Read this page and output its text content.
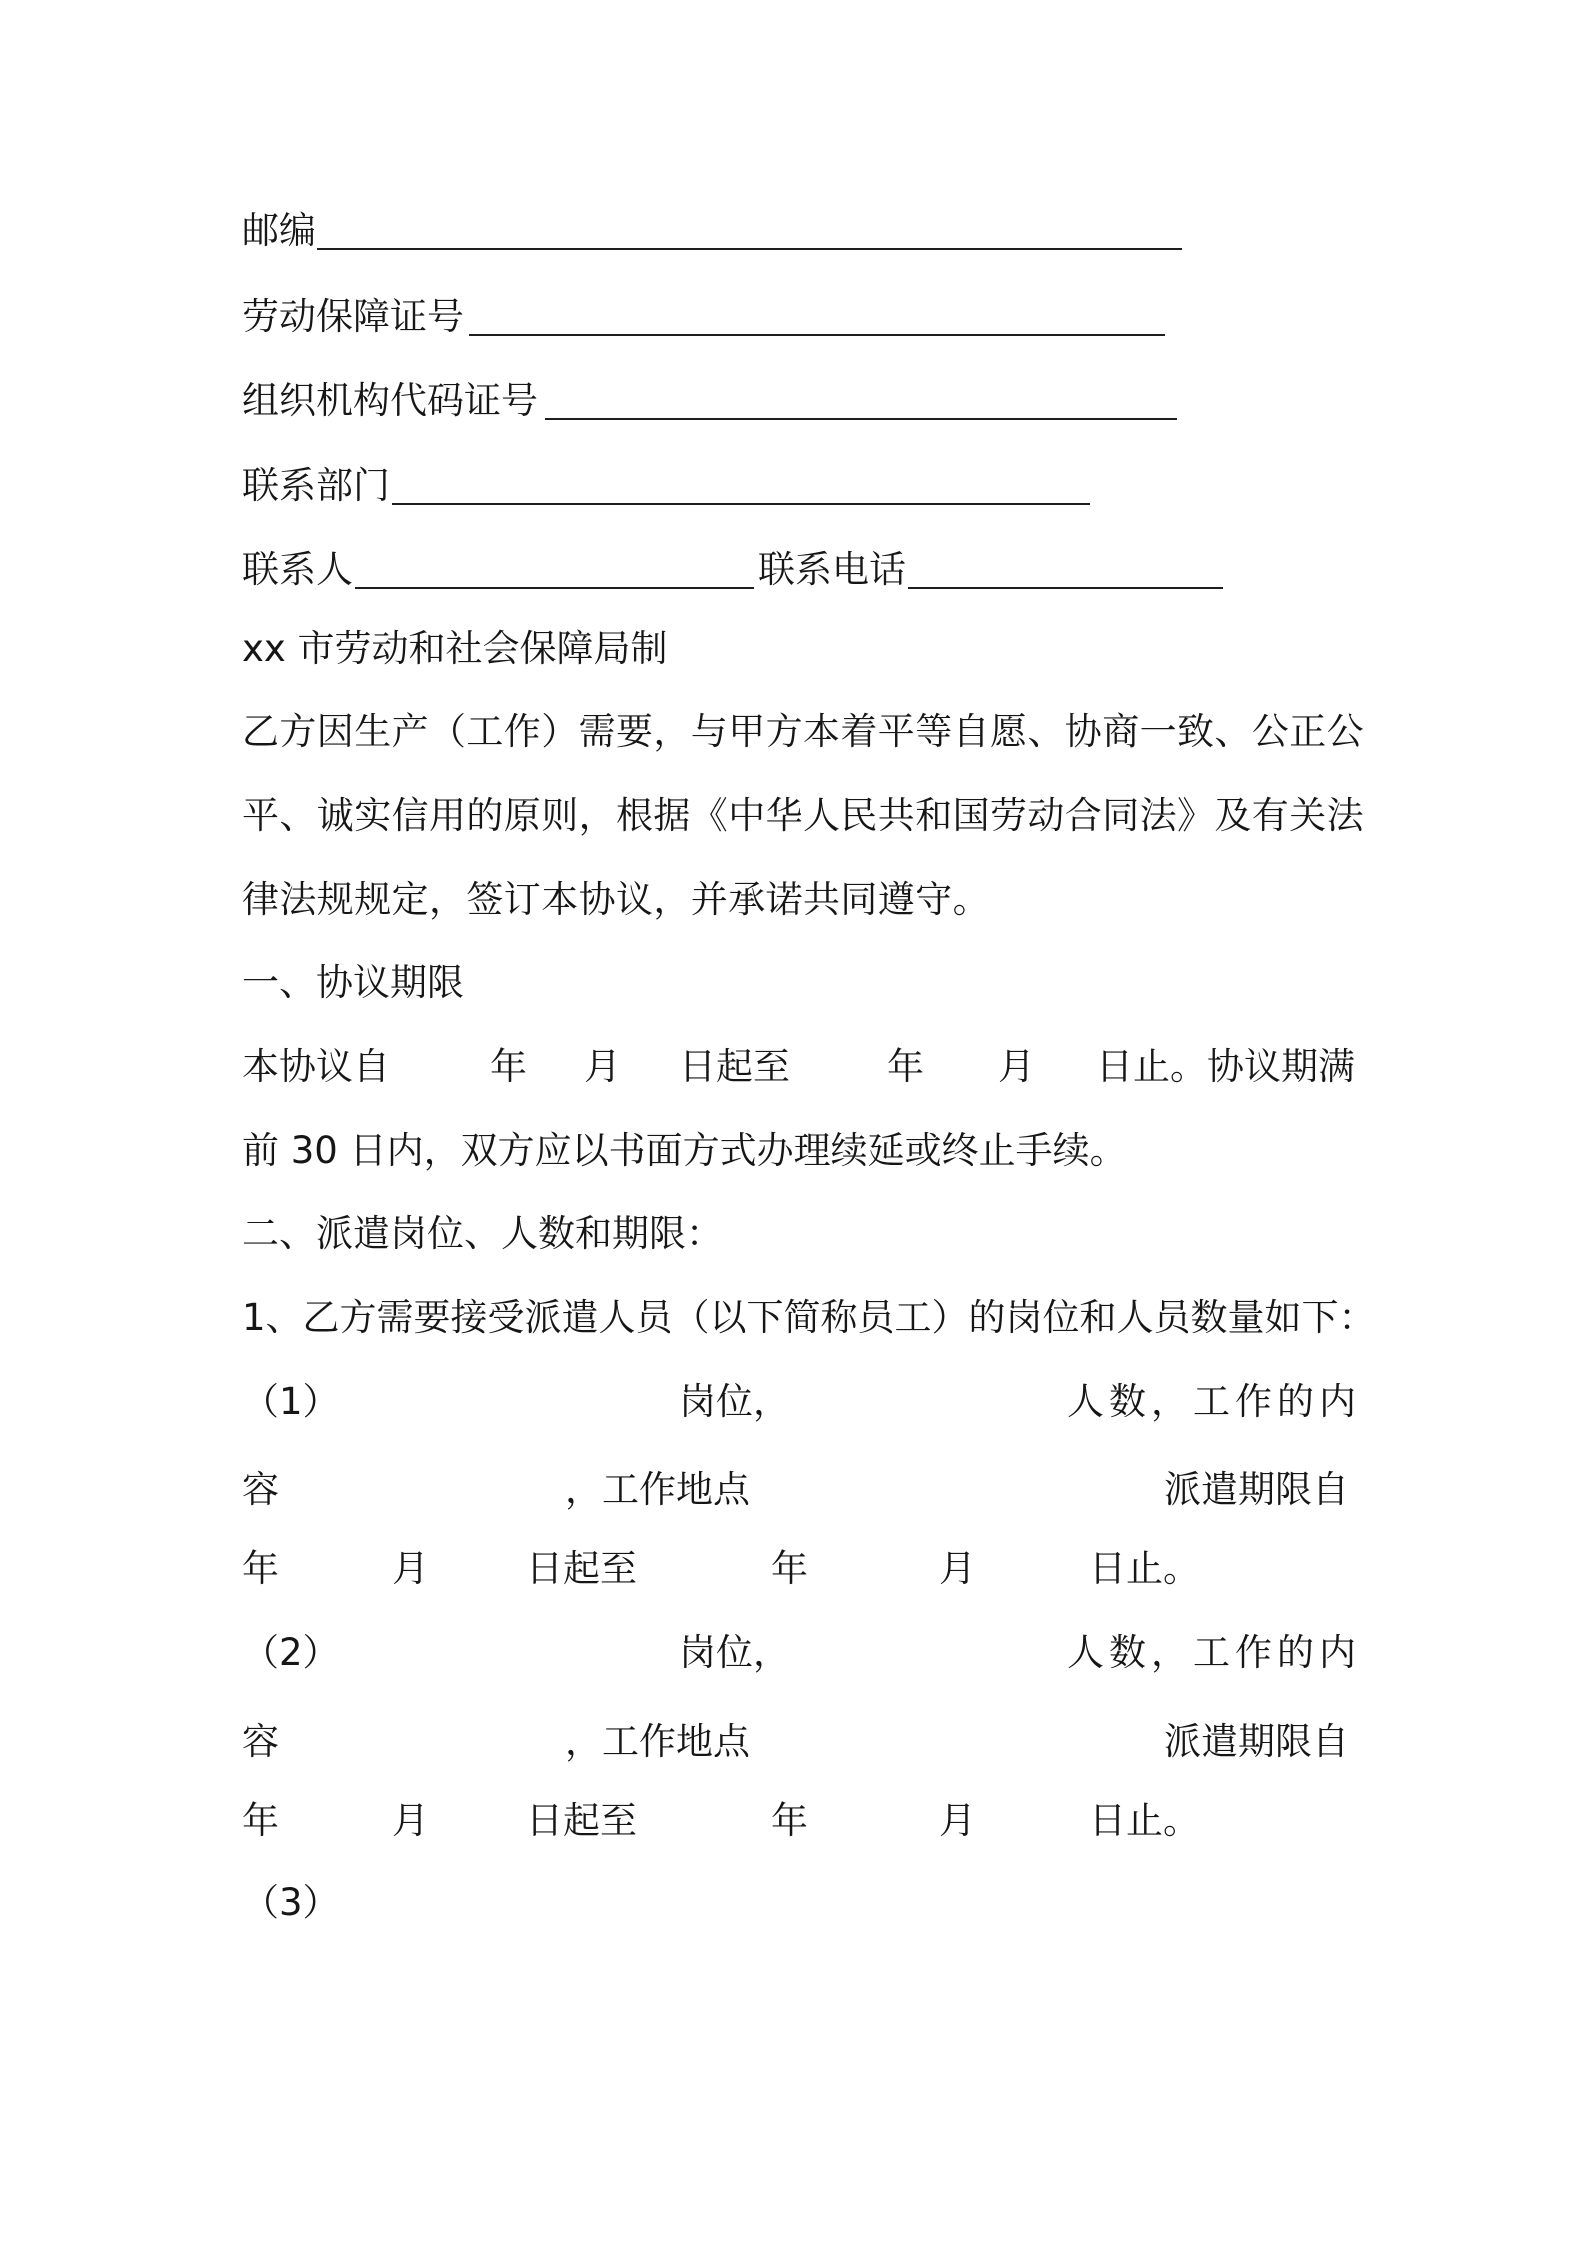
邮编
劳动保障证号
组织机构代码证号
联系部门
联系人	联系电话
xx 市劳动和社会保障局制
乙方因生产（工作）需要，与甲方本着平等自愿、协商一致、公正公
平、诚实信用的原则，根据《中华人民共和国劳动合同法》及有关法
律法规规定，签订本协议，并承诺共同遵守。
一、协议期限
本协议自	年 月 日起至	年 月 日止。协议期满
前 30 日内，双方应以书面方式办理续延或终止手续。
二、派遣岗位、人数和期限：
1、乙方需要接受派遣人员（以下简称员工）的岗位和人员数量如下：
（1）	岗位，	人数，工作的内
容	，工作地点	派遣期限自
年	月	日起至	年	月	日止。
（2）	岗位，	人数，工作的内
容	，工作地点	派遣期限自
年	月	日起至	年	月	日止。
（3）
